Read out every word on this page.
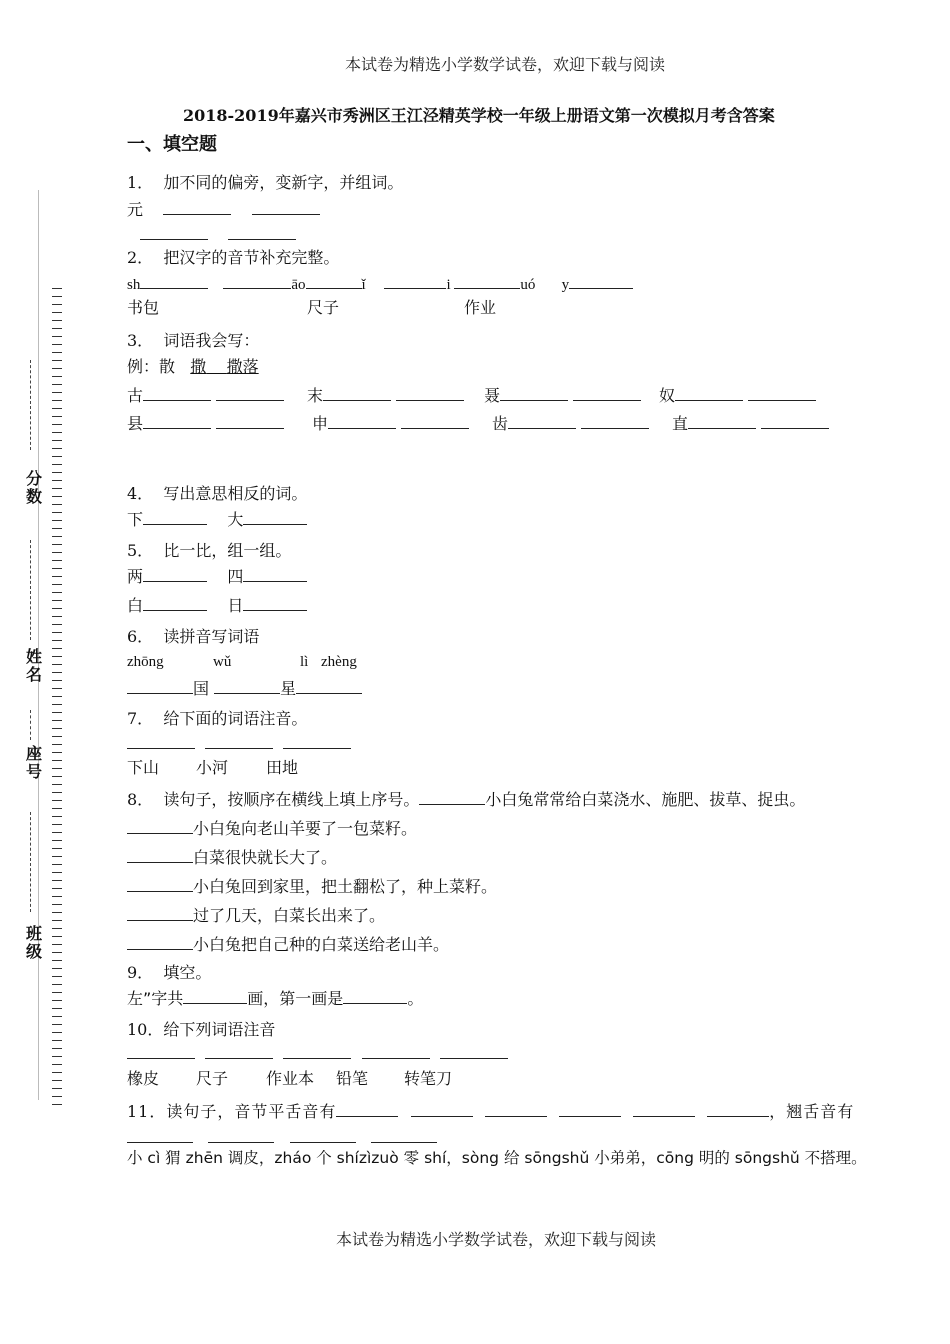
本试卷为精选小学数学试卷，欢迎下载与阅读
本试卷为精选小学数学试卷，欢迎下载与阅读
2018-2019年嘉兴市秀洲区王江泾精英学校一年级上册语文第一次模拟月考含答案
一、填空题
分数
姓名
座号
班级
1． 加不同的偏旁，变新字，并组词。
元

2． 把汉字的音节补充完整。
sh	āo	ǐ	i	uó y
书包	尺子	作业
3． 词语我会写：
例：散 撒 撒落
古	末	聂	奴
县	申	齿	直
4． 写出意思相反的词。
下	大
5． 比一比，组一组。
两	四
白	日
6． 读拼音写词语
zhōng	wǔ	lì zhèng
国	星
7． 给下面的词语注音。

下山 小河 田地
8． 读句子，按顺序在横线上填上序号。	小白兔常常给白菜浇水、施肥、拔草、捉虫。
小白兔向老山羊要了一包菜籽。
白菜很快就长大了。
小白兔回到家里，把土翻松了，种上菜籽。
过了几天，白菜长出来了。
小白兔把自己种的白菜送给老山羊。
9． 填空。
左”字共	画，第一画是	。
10．给下列词语注音

橡皮 尺子 作业本 铅笔 转笔刀
11．读句子，音节平舌音有	，翘舌音有

小 cì 猬 zhēn 调皮，zháo 个 shízìzuò 零 shí，sòng 给 sōngshǔ 小弟弟，cōng 明的 sōngshǔ 不搭理。
